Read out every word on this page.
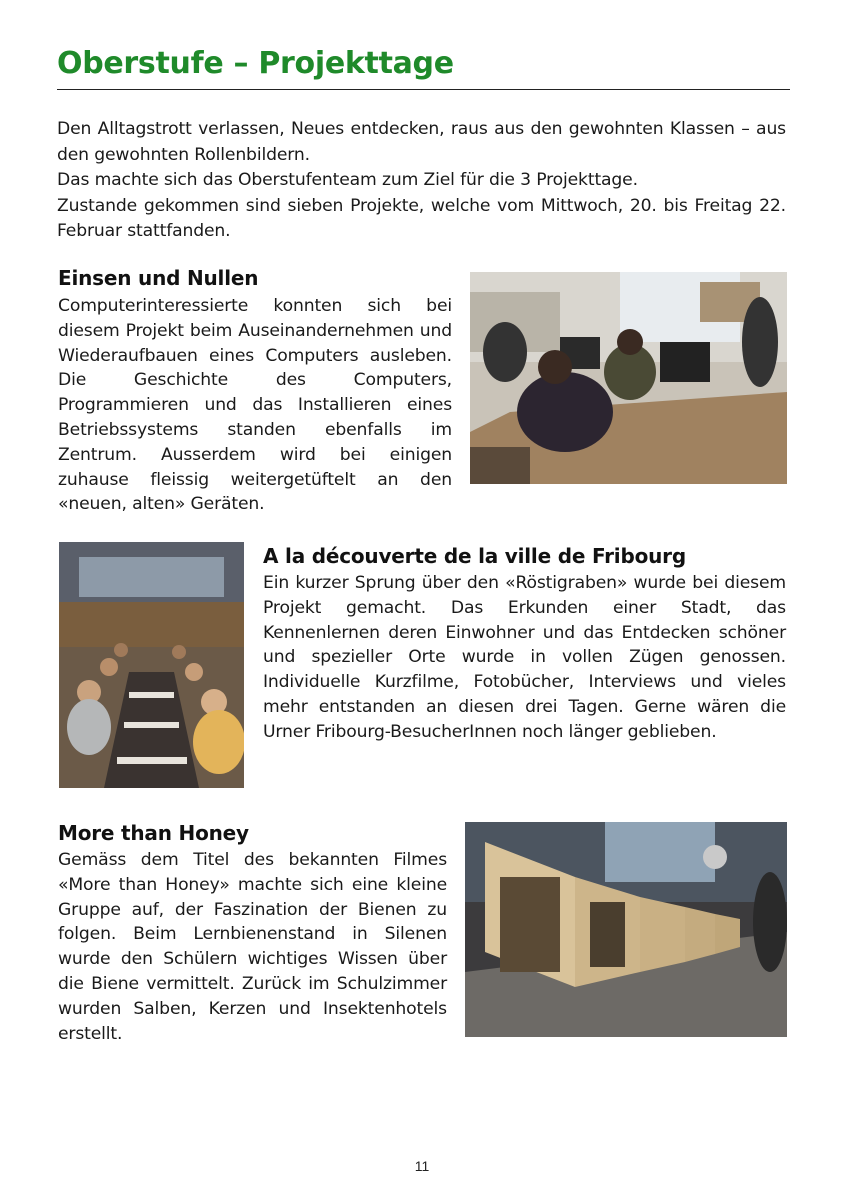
Oberstufe – Projekttage

Den Alltagstrott verlassen, Neues entdecken, raus aus den gewohnten Klassen – aus den gewohnten Rollenbildern.

Das machte sich das Oberstufenteam zum Ziel für die 3 Projekttage.

Zustande gekommen sind sieben Projekte, welche vom Mittwoch, 20. bis Freitag 22. Februar stattfanden.

Einsen und Nullen

Computerinteressierte konnten sich bei diesem Projekt beim Auseinandernehmen und Wiederaufbauen eines Computers ausleben. Die Geschichte des Computers, Programmieren und das Installieren eines Betriebssystems standen ebenfalls im Zentrum. Ausserdem wird bei einigen zuhause fleissig weitergetüftelt an den «neuen, alten» Geräten.

A la découverte de la ville de Fribourg

Ein kurzer Sprung über den «Röstigraben» wurde bei diesem Projekt gemacht. Das Erkunden einer Stadt, das Kennenlernen deren Einwohner und das Entdecken schöner und spezieller Orte wurde in vollen Zügen genossen. Individuelle Kurzfilme, Fotobücher, Interviews und vieles mehr entstanden an diesen drei Tagen. Gerne wären die Urner Fribourg-BesucherInnen noch länger geblieben.

More than Honey

Gemäss dem Titel des bekannten Filmes «More than Honey» machte sich eine kleine Gruppe auf, der Faszination der Bienen zu folgen. Beim Lernbienenstand in Silenen wurde den Schülern wichtiges Wissen über die Biene vermittelt. Zurück im Schulzimmer wurden Salben, Kerzen und Insektenhotels erstellt.

11
